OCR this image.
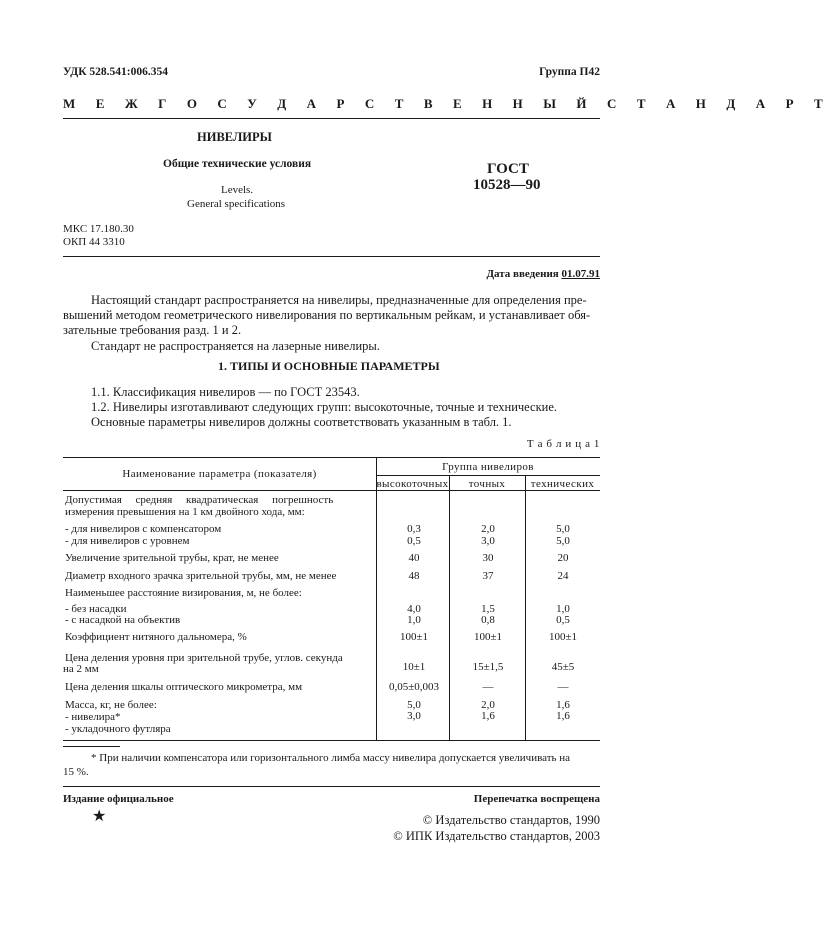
УДК 528.541:006.354	Группа П42
М Е Ж Г О С У Д А Р С Т В Е Н Н Ы Й С Т А Н Д А Р Т
НИВЕЛИРЫ
Общие технические условия
Levels.
General specifications
ГОСТ
10528—90
МКС 17.180.30
ОКП 44 3310
Дата введения 01.07.91
Настоящий стандарт распространяется на нивелиры, предназначенные для определения пре-
вышений методом геометрического нивелирования по вертикальным рейкам, и устанавливает обя-
зательные требования разд. 1 и 2.
Стандарт не распространяется на лазерные нивелиры.
1. ТИПЫ И ОСНОВНЫЕ ПАРАМЕТРЫ
1.1. Классификация нивелиров — по ГОСТ 23543.
1.2. Нивелиры изготавливают следующих групп: высокоточные, точные и технические.
Основные параметры нивелиров должны соответствовать указанным в табл. 1.
Т а б л и ц а 1
Наименование параметра (показателя)
Группа нивелиров
высокоточных	точных	технических
Допустимая     средняя     квадратическая     погрешность
измерения превышения на 1 км двойного хода, мм:
- для нивелиров с компенсатором	0,3	2,0	5,0
- для нивелиров с уровнем	0,5	3,0	5,0
Увеличение зрительной трубы, крат, не менее	40	30	20
Диаметр входного зрачка зрительной трубы, мм, не менее	48	37	24
Наименьшее расстояние визирования, м, не более:
- без насадки	4,0	1,5	1,0
- с насадкой на объектив	1,0	0,8	0,5
Коэффициент нитяного дальномера, %	100±1	100±1	100±1
Цена деления уровня при зрительной трубе, углов. секунда
на 2 мм	10±1	15±1,5	45±5
Цена деления шкалы оптического микрометра, мм	0,05±0,003	—	—
Масса, кг, не более:	5,0	2,0	1,6
- нивелира*	3,0	1,6	1,6
- укладочного футляра
* При наличии компенсатора или горизонтального лимба массу нивелира допускается увеличивать на
15 %.
Издание официальное	Перепечатка воспрещена
★	© Издательство стандартов, 1990
© ИПК Издательство стандартов, 2003
